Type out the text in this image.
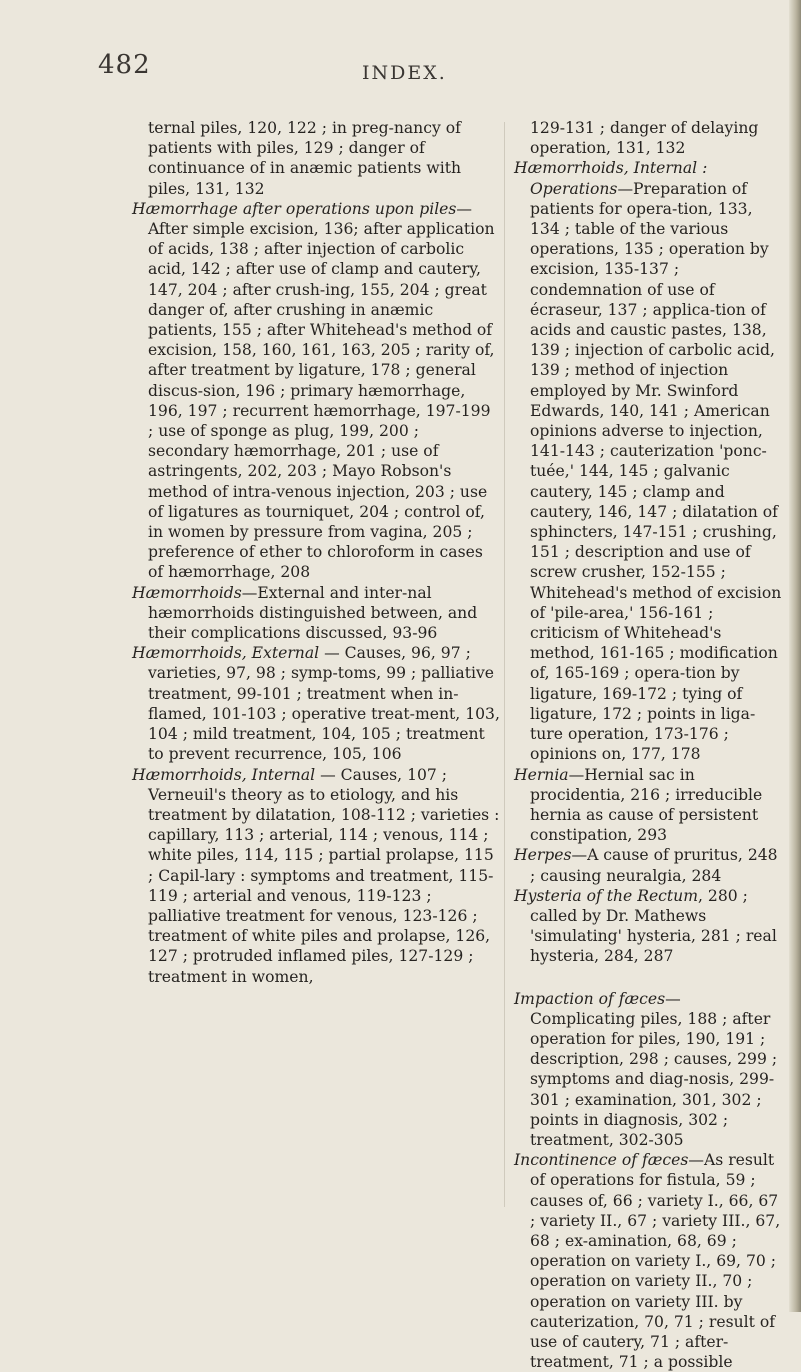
482	INDEX.
ternal piles, 120, 122 ; in preg-nancy of patients with piles, 129 ; danger of continuance of in anæmic patients with piles, 131, 132
Hæmorrhage after operations upon piles—After simple excision, 136; after application of acids, 138 ; after injection of carbolic acid, 142 ; after use of clamp and cautery, 147, 204 ; after crush-ing, 155, 204 ; great danger of, after crushing in anæmic patients, 155 ; after Whitehead's method of excision, 158, 160, 161, 163, 205 ; rarity of, after treatment by ligature, 178 ; general discus-sion, 196 ; primary hæmorrhage, 196, 197 ; recurrent hæmorrhage, 197-199 ; use of sponge as plug, 199, 200 ; secondary hæmorrhage, 201 ; use of astringents, 202, 203 ; Mayo Robson's method of intra-venous injection, 203 ; use of ligatures as tourniquet, 204 ; control of, in women by pressure from vagina, 205 ; preference of ether to chloroform in cases of hæmorrhage, 208
Hæmorrhoids—External and inter-nal hæmorrhoids distinguished between, and their complications discussed, 93-96
Hæmorrhoids, External — Causes, 96, 97 ; varieties, 97, 98 ; symp-toms, 99 ; palliative treatment, 99-101 ; treatment when in-flamed, 101-103 ; operative treat-ment, 103, 104 ; mild treatment, 104, 105 ; treatment to prevent recurrence, 105, 106
Hæmorrhoids, Internal — Causes, 107 ; Verneuil's theory as to etiology, and his treatment by dilatation, 108-112 ; varieties : capillary, 113 ; arterial, 114 ; venous, 114 ; white piles, 114, 115 ; partial prolapse, 115 ; Capil-lary : symptoms and treatment, 115-119 ; arterial and venous, 119-123 ; palliative treatment for venous, 123-126 ; treatment of white piles and prolapse, 126, 127 ; protruded inflamed piles, 127-129 ; treatment in women,
129-131 ; danger of delaying operation, 131, 132
Hæmorrhoids, Internal : Operations—Preparation of patients for opera-tion, 133, 134 ; table of the various operations, 135 ; operation by excision, 135-137 ; condemnation of use of écraseur, 137 ; applica-tion of acids and caustic pastes, 138, 139 ; injection of carbolic acid, 139 ; method of injection employed by Mr. Swinford Edwards, 140, 141 ; American opinions adverse to injection, 141-143 ; cauterization 'ponc-tuée,' 144, 145 ; galvanic cautery, 145 ; clamp and cautery, 146, 147 ; dilatation of sphincters, 147-151 ; crushing, 151 ; description and use of screw crusher, 152-155 ; Whitehead's method of excision of 'pile-area,' 156-161 ; criticism of Whitehead's method, 161-165 ; modification of, 165-169 ; opera-tion by ligature, 169-172 ; tying of ligature, 172 ; points in liga-ture operation, 173-176 ; opinions on, 177, 178
Hernia—Hernial sac in procidentia, 216 ; irreducible hernia as cause of persistent constipation, 293
Herpes—A cause of pruritus, 248 ; causing neuralgia, 284
Hysteria of the Rectum, 280 ; called by Dr. Mathews 'simulating' hysteria, 281 ; real hysteria, 284, 287
Impaction of fæces—Complicating piles, 188 ; after operation for piles, 190, 191 ; description, 298 ; causes, 299 ; symptoms and diag-nosis, 299-301 ; examination, 301, 302 ; points in diagnosis, 302 ; treatment, 302-305
Incontinence of fæces—As result of operations for fistula, 59 ; causes of, 66 ; variety I., 66, 67 ; variety II., 67 ; variety III., 67, 68 ; ex-amination, 68, 69 ; operation on variety I., 69, 70 ; operation on variety II., 70 ; operation on variety III. by cauterization, 70, 71 ; result of use of cautery, 71 ; after-treatment, 71 ; a possible
